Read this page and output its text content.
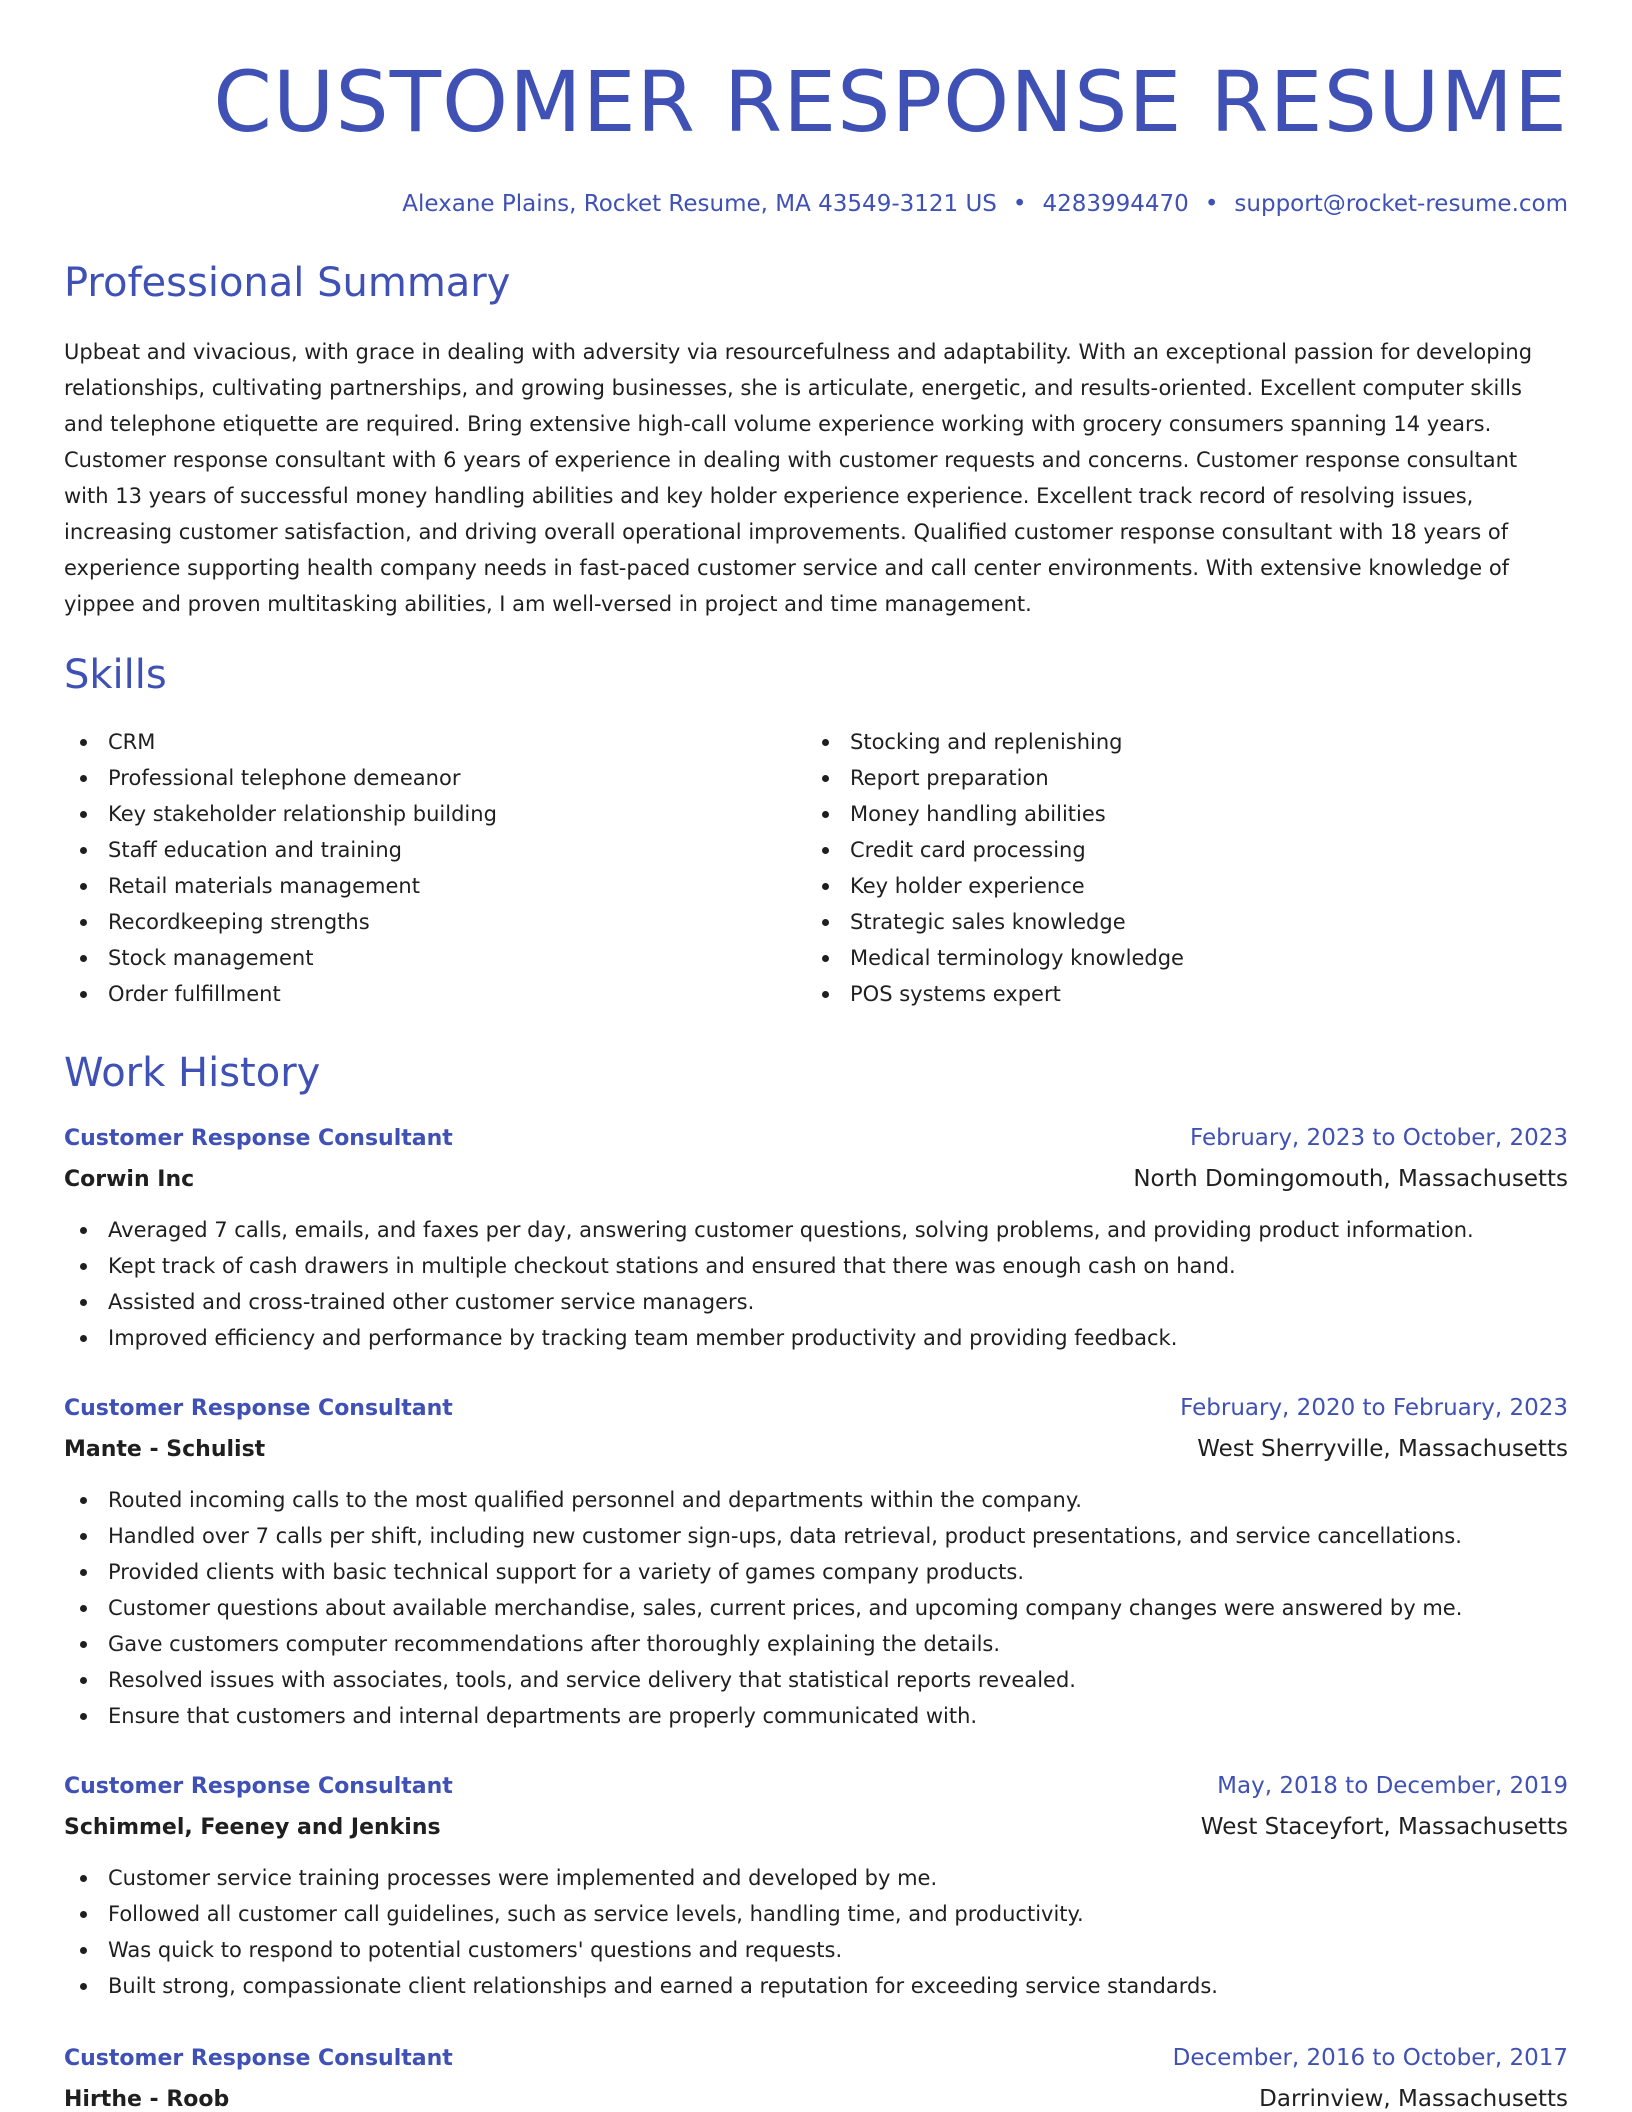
CUSTOMER RESPONSE RESUME
Alexane Plains, Rocket Resume, MA 43549-3121 US • 4283994470 • support@rocket-resume.com
Professional Summary

Upbeat and vivacious, with grace in dealing with adversity via resourcefulness and adaptability. With an exceptional passion for developing relationships, cultivating partnerships, and growing businesses, she is articulate, energetic, and results-oriented. Excellent computer skills and telephone etiquette are required. Bring extensive high-call volume experience working with grocery consumers spanning 14 years. Customer response consultant with 6 years of experience in dealing with customer requests and concerns. Customer response consultant with 13 years of successful money handling abilities and key holder experience experience. Excellent track record of resolving issues, increasing customer satisfaction, and driving overall operational improvements. Qualified customer response consultant with 18 years of experience supporting health company needs in fast-paced customer service and call center environments. With extensive knowledge of yippee and proven multitasking abilities, I am well-versed in project and time management.

Skills
CRM
Professional telephone demeanor
Key stakeholder relationship building
Staff education and training
Retail materials management
Recordkeeping strengths
Stock management
Order fulfillment
Stocking and replenishing
Report preparation
Money handling abilities
Credit card processing
Key holder experience
Strategic sales knowledge
Medical terminology knowledge
POS systems expert
Work History
Customer Response Consultant	February, 2023 to October, 2023
Corwin Inc	North Domingomouth, Massachusetts
Averaged 7 calls, emails, and faxes per day, answering customer questions, solving problems, and providing product information.
Kept track of cash drawers in multiple checkout stations and ensured that there was enough cash on hand.
Assisted and cross-trained other customer service managers.
Improved efficiency and performance by tracking team member productivity and providing feedback.
Customer Response Consultant	February, 2020 to February, 2023
Mante - Schulist	West Sherryville, Massachusetts
Routed incoming calls to the most qualified personnel and departments within the company.
Handled over 7 calls per shift, including new customer sign-ups, data retrieval, product presentations, and service cancellations.
Provided clients with basic technical support for a variety of games company products.
Customer questions about available merchandise, sales, current prices, and upcoming company changes were answered by me.
Gave customers computer recommendations after thoroughly explaining the details.
Resolved issues with associates, tools, and service delivery that statistical reports revealed.
Ensure that customers and internal departments are properly communicated with.
Customer Response Consultant	May, 2018 to December, 2019
Schimmel, Feeney and Jenkins	West Staceyfort, Massachusetts
Customer service training processes were implemented and developed by me.
Followed all customer call guidelines, such as service levels, handling time, and productivity.
Was quick to respond to potential customers' questions and requests.
Built strong, compassionate client relationships and earned a reputation for exceeding service standards.
Customer Response Consultant	December, 2016 to October, 2017
Hirthe - Roob	Darrinview, Massachusetts
